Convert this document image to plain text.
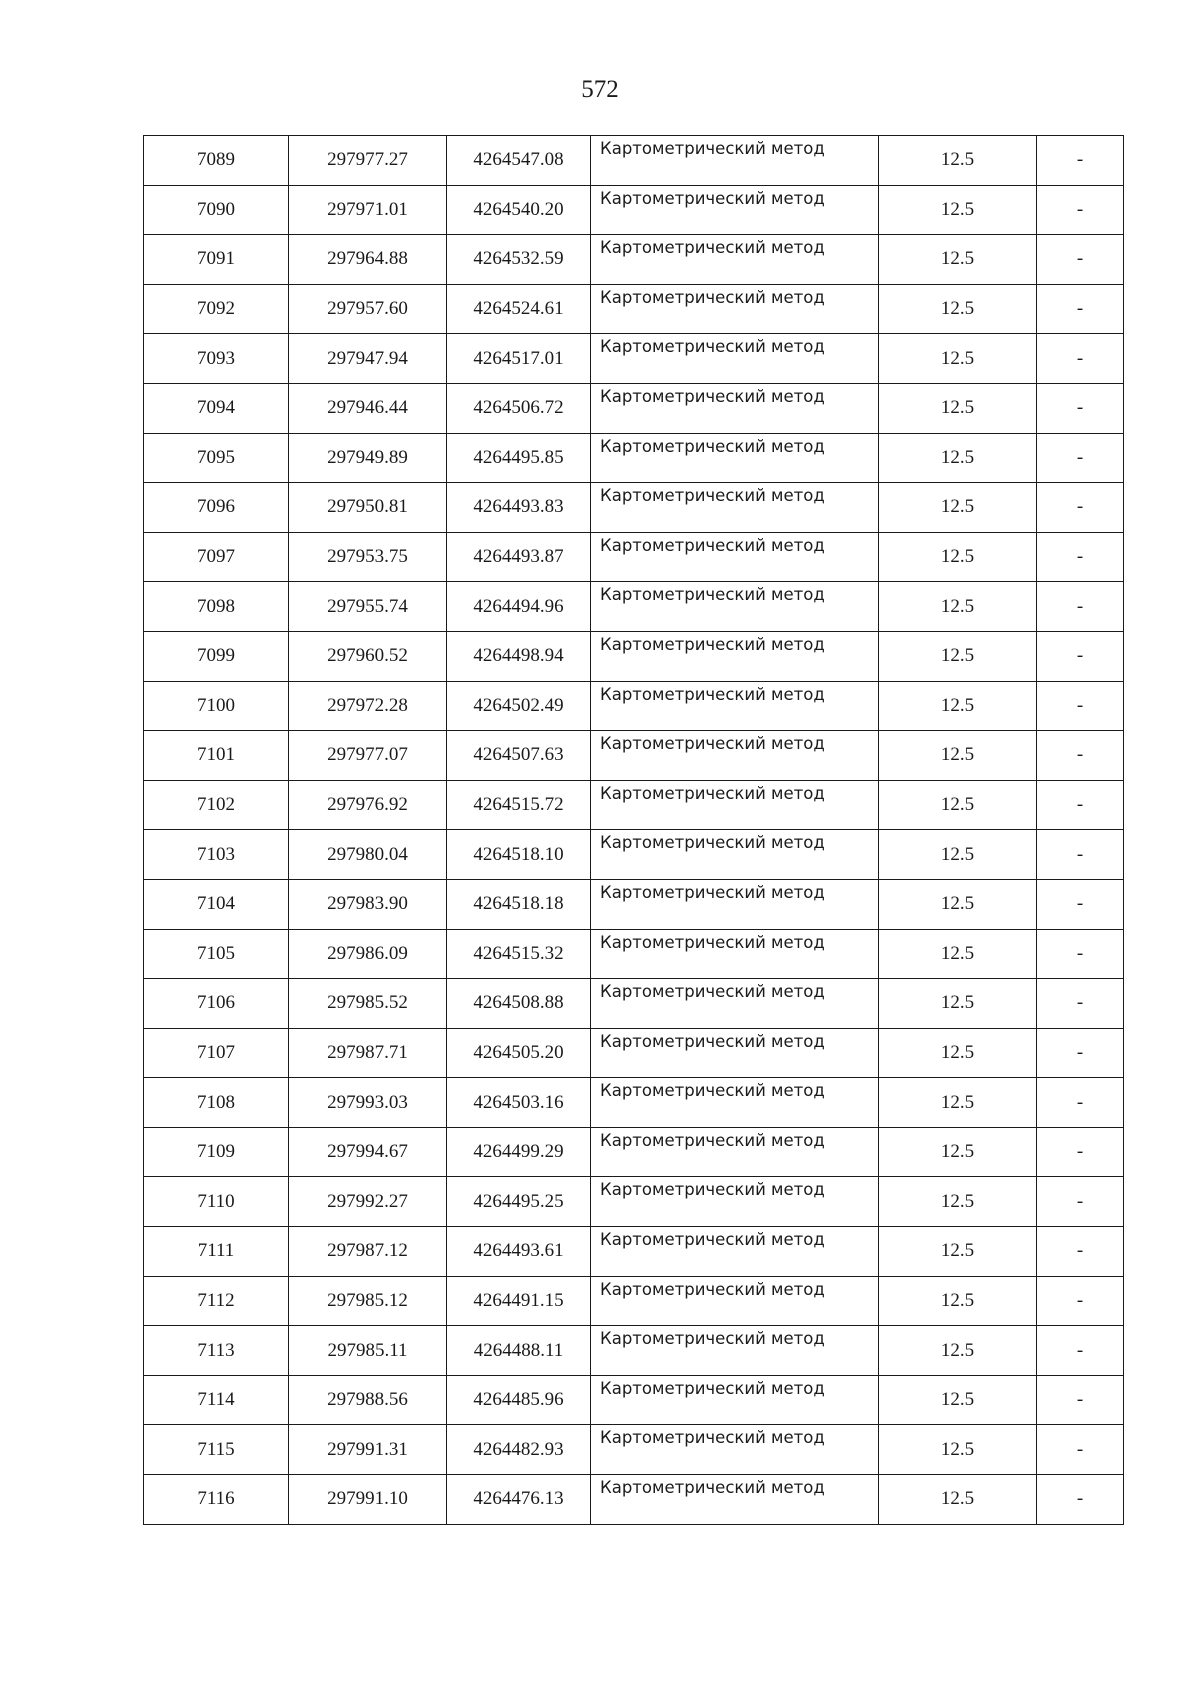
572
7089	297977.27	4264547.08	Картометрический метод	12.5	-
7090	297971.01	4264540.20	Картометрический метод	12.5	-
7091	297964.88	4264532.59	Картометрический метод	12.5	-
7092	297957.60	4264524.61	Картометрический метод	12.5	-
7093	297947.94	4264517.01	Картометрический метод	12.5	-
7094	297946.44	4264506.72	Картометрический метод	12.5	-
7095	297949.89	4264495.85	Картометрический метод	12.5	-
7096	297950.81	4264493.83	Картометрический метод	12.5	-
7097	297953.75	4264493.87	Картометрический метод	12.5	-
7098	297955.74	4264494.96	Картометрический метод	12.5	-
7099	297960.52	4264498.94	Картометрический метод	12.5	-
7100	297972.28	4264502.49	Картометрический метод	12.5	-
7101	297977.07	4264507.63	Картометрический метод	12.5	-
7102	297976.92	4264515.72	Картометрический метод	12.5	-
7103	297980.04	4264518.10	Картометрический метод	12.5	-
7104	297983.90	4264518.18	Картометрический метод	12.5	-
7105	297986.09	4264515.32	Картометрический метод	12.5	-
7106	297985.52	4264508.88	Картометрический метод	12.5	-
7107	297987.71	4264505.20	Картометрический метод	12.5	-
7108	297993.03	4264503.16	Картометрический метод	12.5	-
7109	297994.67	4264499.29	Картометрический метод	12.5	-
7110	297992.27	4264495.25	Картометрический метод	12.5	-
7111	297987.12	4264493.61	Картометрический метод	12.5	-
7112	297985.12	4264491.15	Картометрический метод	12.5	-
7113	297985.11	4264488.11	Картометрический метод	12.5	-
7114	297988.56	4264485.96	Картометрический метод	12.5	-
7115	297991.31	4264482.93	Картометрический метод	12.5	-
7116	297991.10	4264476.13	Картометрический метод	12.5	-
